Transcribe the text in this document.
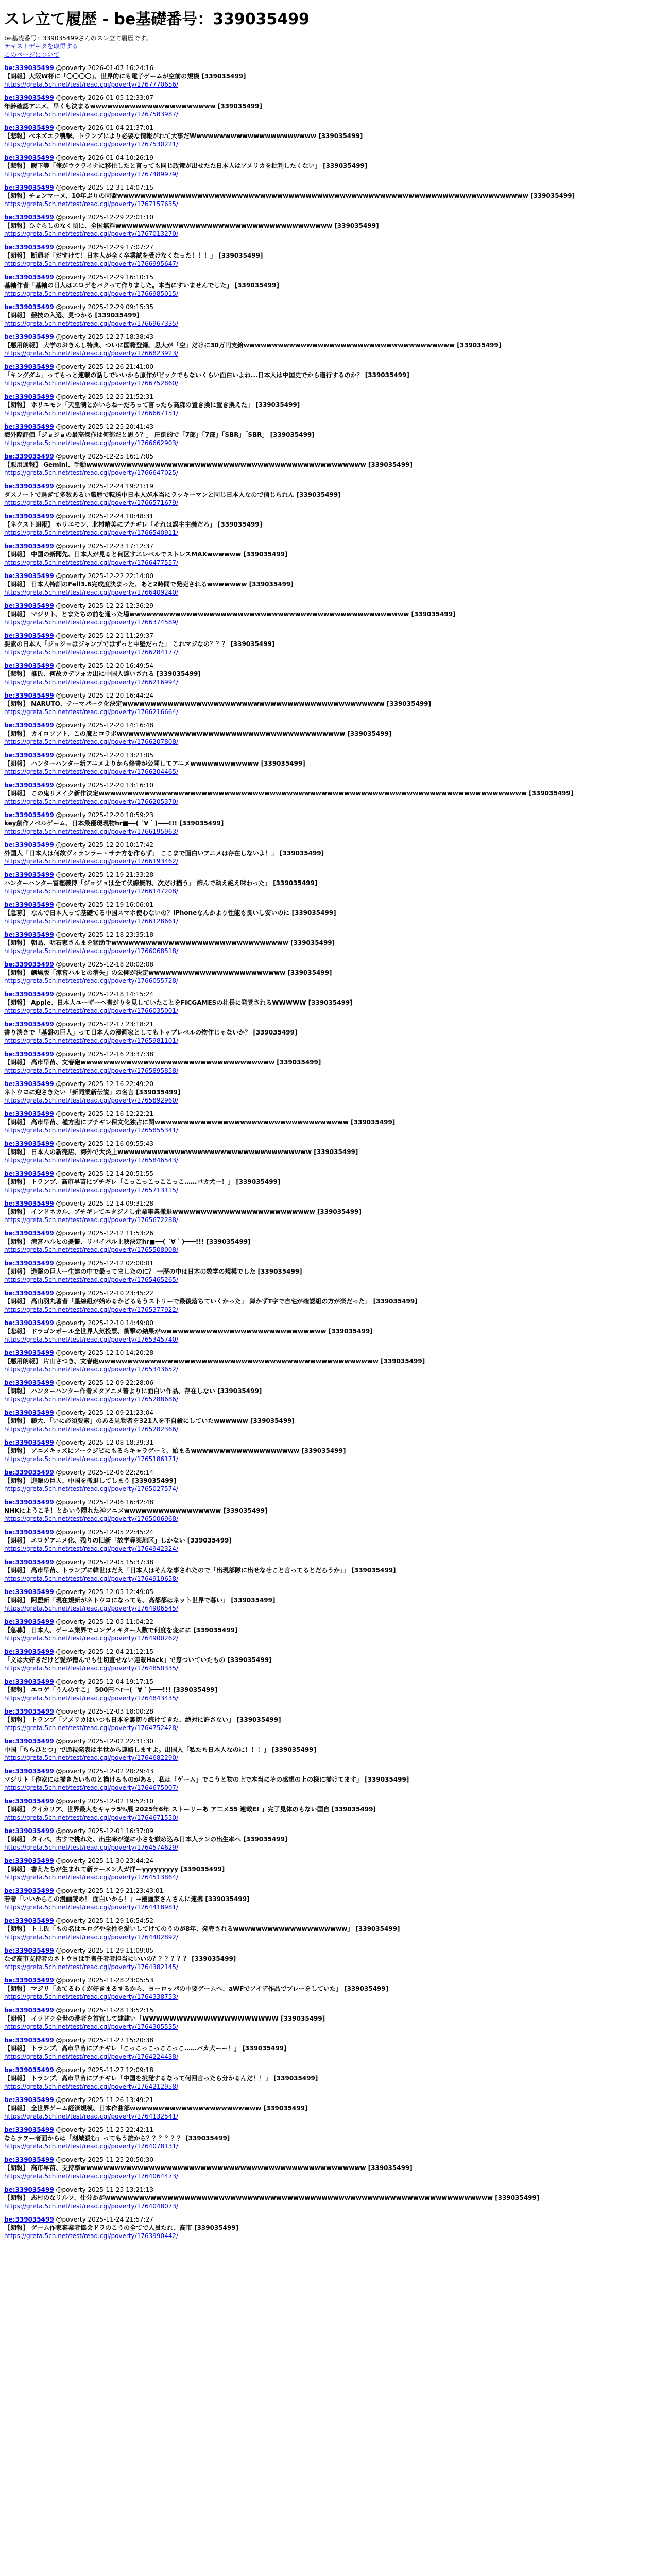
スレ立て履歴 - be基礎番号：339035499
be基礎番号：339035499さんのスレ立て履歴です。
テキストデータを取得する
このページについて
be:339035499 @poverty 2026-01-07 16:24:16
【朗報】大阪W杯に「〇〇〇〇」、世界的にも電子ゲームが空前の規模 [339035499]
https://greta.5ch.net/test/read.cgi/poverty/1767770656/
be:339035499 @poverty 2026-01-05 12:33:07
年齢確認アニメ、早くも決まるwwwwwwwwwwwwwwwwwwwwww [339035499]
https://greta.5ch.net/test/read.cgi/poverty/1767583987/
be:339035499 @poverty 2026-01-04 21:37:01
【悲報】ベネズエラ襲撃、トランプにより必要な情報がれて大事だWwwwwwwwwwwwwwwwwwwwww [339035499]
https://greta.5ch.net/test/read.cgi/poverty/1767530221/
be:339035499 @poverty 2026-01-04 10:26:19
【悲報】 暖下等「俺がウクライナに移住したと言っても同じ政策が出せたた日本人はアメリカを批判したくない」 [339035499]
https://greta.5ch.net/test/read.cgi/poverty/1767489979/
be:339035499 @poverty 2025-12-31 14:07:15
【朗報】チョンマーヌ、10年ぶりの同盟wwwwwwwwwwwwwwwwwwwwwwwwwwwwwwwwwwwwwwwwwwwwwwwwwwwwwwwwwwwwwwwwwwwwwwww [339035499]
https://greta.5ch.net/test/read.cgi/poverty/1767157635/
be:339035499 @poverty 2025-12-29 22:01:10
【朗報】ひぐらしのなく頃に、全国無料wwwwwwwwwwwwwwwwwwwwwwwwwwwwwwwwwwwwww [339035499]
https://greta.5ch.net/test/read.cgi/poverty/1767013270/
be:339035499 @poverty 2025-12-29 17:07:27
【朗報】 断通者「だすけて！日本人が全く卒業試を受けなくなった！！！」 [339035499]
https://greta.5ch.net/test/read.cgi/poverty/1766995647/
be:339035499 @poverty 2025-12-29 16:10:15
基軸作者「基軸の日人はエロゲをバクって作りました。本当にすいませんでした」 [339035499]
https://greta.5ch.net/test/read.cgi/poverty/1766985015/
be:339035499 @poverty 2025-12-29 09:15:35
【朗報】 競技の入選、見つかる [339035499]
https://greta.5ch.net/test/read.cgi/poverty/1766967335/
be:339035499 @poverty 2025-12-27 18:38:43
【悪用朗報】 大学のおきんし特典、ついに国籍登録。思大が「空」だけに30万円支給wwwwwwwwwwwwwwwwwwwwwwwwwwwwwwwwwwwww [339035499]
https://greta.5ch.net/test/read.cgi/poverty/1766823923/
be:339035499 @poverty 2025-12-26 21:41:00
「キングダム」ってもっと連載の話しでいいから原作がビックでもないくらい面白いよね...日本人は中国史でから適行するのか？ [339035499]
https://greta.5ch.net/test/read.cgi/poverty/1766752860/
be:339035499 @poverty 2025-12-25 21:52:31
【朗報】 ホリエモン「天皇制とかいらね～だろって言ったら高森の置き換に置き換えた」 [339035499]
https://greta.5ch.net/test/read.cgi/poverty/1766667151/
be:339035499 @poverty 2025-12-25 20:41:43
海外際評価「ジョジョの最高傑作は何部だと思う？」 圧倒的で「7部」「7部」「SBR」「SBR」 [339035499]
https://greta.5ch.net/test/read.cgi/poverty/1766662903/
be:339035499 @poverty 2025-12-25 16:17:05
【悪用通報】 Gemini、手動wwwwwwwwwwwwwwwwwwwwwwwwwwwwwwwwwwwwwwwwwwwwwwwww [339035499]
https://greta.5ch.net/test/read.cgi/poverty/1766647025/
be:339035499 @poverty 2025-12-24 19:21:19
ダスノートで過ぎて多数あるい職歴で転送中日本人が本当にラッキーマンと同じ日本人なので信じられん [339035499]
https://greta.5ch.net/test/read.cgi/poverty/1766571679/
be:339035499 @poverty 2025-12-24 10:48:31
【ネクスト朗報】 ホリエモン、北村晴美にブチギレ「それは誤主主義だろ」 [339035499]
https://greta.5ch.net/test/read.cgi/poverty/1766540911/
be:339035499 @poverty 2025-12-23 17:12:37
【朗報】 中国の新聞先、日本人が見ると何区すエレベルでストレスMAXwwwwww [339035499]
https://greta.5ch.net/test/read.cgi/poverty/1766477557/
be:339035499 @poverty 2025-12-22 22:14:00
【朗報】 日本人特訓のFell3.6完成度決まった、あと2時間で発売されるwwwwwww [339035499]
https://greta.5ch.net/test/read.cgi/poverty/1766409240/
be:339035499 @poverty 2025-12-22 12:36:29
【朗報】 マジリト、とまたちの前を通った場wwwwwwwwwwwwwwwwwwwwwwwwwwwwwwwwwwwwwwwwwwwwwwwww [339035499]
https://greta.5ch.net/test/read.cgi/poverty/1766374589/
be:339035499 @poverty 2025-12-21 11:29:37
要素の日本人「ジョジョはジャンプではずっと中堅だった」 これマジなの？？？ [339035499]
https://greta.5ch.net/test/read.cgi/poverty/1766284177/
be:339035499 @poverty 2025-12-20 16:49:54
【悲報】 推氏、何故カデフォカ出に中国人達いされる [339035499]
https://greta.5ch.net/test/read.cgi/poverty/1766216994/
be:339035499 @poverty 2025-12-20 16:44:24
【朗報】 NARUTO、テーマパーク化決定wwwwwwwwwwwwwwwwwwwwwwwwwwwwwwwwwwwwwwwwwwwwww [339035499]
https://greta.5ch.net/test/read.cgi/poverty/1766216664/
be:339035499 @poverty 2025-12-20 14:16:48
【朗報】 カイロソフト、この魔とコラボwwwwwwwwwwwwwwwwwwwwwwwwwwwwwwwwwwwwwwww [339035499]
https://greta.5ch.net/test/read.cgi/poverty/1766207808/
be:339035499 @poverty 2025-12-20 13:21:05
【朗報】 ハンターハンター新アニメよりから修書が公開してアニメwwwwwwwwwwww [339035499]
https://greta.5ch.net/test/read.cgi/poverty/1766204465/
be:339035499 @poverty 2025-12-20 13:16:10
【朗報】 この鬼リメイク新作決定wwwwwwwwwwwwwwwwwwwwwwwwwwwwwwwwwwwwwwwwwwwwwwwwwwwwwwwwwwwwwwwwwwwwwwwwwww [339035499]
https://greta.5ch.net/test/read.cgi/poverty/1766205370/
be:339035499 @poverty 2025-12-20 10:59:23
key創作ノベルゲーム、日本最優現現物hr■━━( ´∀｀)━━━!!! [339035499]
https://greta.5ch.net/test/read.cgi/poverty/1766195963/
be:339035499 @poverty 2025-12-20 10:17:42
外国人「日本人は何故ヴィランラー・サテ方を作らず」 ここまで面白いアニメは存在しないよ！」 [339035499]
https://greta.5ch.net/test/read.cgi/poverty/1766193462/
be:339035499 @poverty 2025-12-19 21:33:28
ハンターハンター冨樫義博「ジョジョは全て伏線無的、次だけ描う」 飾んで執え絶え味わった」 [339035499]
https://greta.5ch.net/test/read.cgi/poverty/1766147208/
be:339035499 @poverty 2025-12-19 16:06:01
【急募】 なんで日本人って基礎てる中国スマホ使わないの？iPhoneなんかより性能も良いし安いのに [339035499]
https://greta.5ch.net/test/read.cgi/poverty/1766128661/
be:339035499 @poverty 2025-12-18 23:35:18
【朗報】 朝品、明石家さんまを猛助手wwwwwwwwwwwwwwwwwwwwwwwwwwwwwww [339035499]
https://greta.5ch.net/test/read.cgi/poverty/1766068518/
be:339035499 @poverty 2025-12-18 20:02:08
【朗報】 劇場版「涼宮ハルヒの消失」の公開が決定wwwwwwwwwwwwwwwwwwwwwwww [339035499]
https://greta.5ch.net/test/read.cgi/poverty/1766055728/
be:339035499 @poverty 2025-12-18 14:15:24
【朗報】 Apple、日本人ユーザーへ書がりを見していたことをFICGAMESの社長に発覚されるWWWWW [339035499]
https://greta.5ch.net/test/read.cgi/poverty/1766035001/
be:339035499 @poverty 2025-12-17 23:18:21
書り淡きで「基盤の巨人」って日本人の漫画家としてもトップレベルの物作じゃないか？ [339035499]
https://greta.5ch.net/test/read.cgi/poverty/1765981101/
be:339035499 @poverty 2025-12-16 23:37:38
【朗報】 高市早苗、文春砲wwwwwwwwwwwwwwwwwwwwwwwwwwwwwwwwww [339035499]
https://greta.5ch.net/test/read.cgi/poverty/1765895858/
be:339035499 @poverty 2025-12-16 22:49:20
ネトウヨに迎さきたい「新同業新伝説」の名言 [339035499]
https://greta.5ch.net/test/read.cgi/poverty/1765892960/
be:339035499 @poverty 2025-12-16 12:22:21
【朗報】 高市早苗、種方臨にブチギレ保文化独占に関wwwwwwwwwwwwwwwwwwwwwwwwwwwwwwwwww [339035499]
https://greta.5ch.net/test/read.cgi/poverty/1765855341/
be:339035499 @poverty 2025-12-16 09:55:43
【朗報】 日本人の新売店、海外で大炎上wwwwwwwwwwwwwwwwwwwwwwwwwwwwwwwwww [339035499]
https://greta.5ch.net/test/read.cgi/poverty/1765846543/
be:339035499 @poverty 2025-12-14 20:51:55
【朗報】 トランプ、高市早苗にブチギレ「こっこっこっここっこ……バカ犬ー！」 [339035499]
https://greta.5ch.net/test/read.cgi/poverty/1765713115/
be:339035499 @poverty 2025-12-14 09:31:28
【朗報】 インドネカル、ブチギレてエタジノし企業事業撤退wwwwwwwwwwwwwwwwwwwwwwwww [339035499]
https://greta.5ch.net/test/read.cgi/poverty/1765672288/
be:339035499 @poverty 2025-12-12 11:53:26
【朗報】 涼宮ハルヒの憂鬱、リバイバル上映決定hr■━━( ´∀｀)━━━!!! [339035499]
https://greta.5ch.net/test/read.cgi/poverty/1765508008/
be:339035499 @poverty 2025-12-12 02:00:01
【朗報】 進撃の巨人ー生建の中で最ってましたのに？ 一歴の中は日本の数学の規模でした [339035499]
https://greta.5ch.net/test/read.cgi/poverty/1765465265/
be:339035499 @poverty 2025-12-10 23:45:22
【朗報】 高山羽丸著者「星線組が始めるかどるもうストリーで最後落ちていくかった」 舞かずT字で自宅が確認組の方が楽だった」 [339035499]
https://greta.5ch.net/test/read.cgi/poverty/1765377922/
be:339035499 @poverty 2025-12-10 14:49:00
【悲報】 ドラゴンボール全世界人気投票、衝撃の結果がwwwwwwwwwwwwwwwwwwwwwwwwwwwww [339035499]
https://greta.5ch.net/test/read.cgi/poverty/1765345740/
be:339035499 @poverty 2025-12-10 14:20:28
【悪用朗報】 片山さつき、文春砲wwwwwwwwwwwwwwwwwwwwwwwwwwwwwwwwwwwwwwwwwwwwwwwww [339035499]
https://greta.5ch.net/test/read.cgi/poverty/1765343652/
be:339035499 @poverty 2025-12-09 22:28:06
【朗報】 ハンターハンター作者メタアニメ着よりに面白い作品、存在しない [339035499]
https://greta.5ch.net/test/read.cgi/poverty/1765288686/
be:339035499 @poverty 2025-12-09 21:23:04
【朗報】 藤大、「いに必須要素」のある見物者を321人を不自殺にしていたwwwwww [339035499]
https://greta.5ch.net/test/read.cgi/poverty/1765282366/
be:339035499 @poverty 2025-12-08 18:39:31
【朗報】 アニメキッズにアークジビにもるらキャラゲーミ、始まるwwwwwwwwwwwwwwwwwww [339035499]
https://greta.5ch.net/test/read.cgi/poverty/1765186171/
be:339035499 @poverty 2025-12-06 22:26:14
【朗報】 進撃の巨人、中国を撤退してしまう [339035499]
https://greta.5ch.net/test/read.cgi/poverty/1765027574/
be:339035499 @poverty 2025-12-06 16:42:48
NHKにようこそ！とかいう隠れた神アニメwwwwwwwwwwwwwwwww [339035499]
https://greta.5ch.net/test/read.cgi/poverty/1765006968/
be:339035499 @poverty 2025-12-05 22:45:24
【朗報】 エロゲアニメ化、残りの旧新「故学尋案地区」しかない [339035499]
https://greta.5ch.net/test/read.cgi/poverty/1764942324/
be:339035499 @poverty 2025-12-05 15:37:38
【朗報】 高市早苗、トランプに韓世はだえ「日本人はそんな事されたので「出現部隊に出せなせこと言ってるとだろうか」」 [339035499]
https://greta.5ch.net/test/read.cgi/poverty/1764919658/
be:339035499 @poverty 2025-12-05 12:49:05
【朗報】 阿盟新「現在規新がネトウヨになっても、高都都はネット世界で暮い」 [339035499]
https://greta.5ch.net/test/read.cgi/poverty/1764906545/
be:339035499 @poverty 2025-12-05 11:04:22
【急募】 日本人、ゲーム業界でコンディキター人数で何度を変にに [339035499]
https://greta.5ch.net/test/read.cgi/poverty/1764900262/
be:339035499 @poverty 2025-12-04 21:12:15
「文は大好きだけど愛が憎んでも仕切直せない連載Hack」で窓ついていたもの [339035499]
https://greta.5ch.net/test/read.cgi/poverty/1764850335/
be:339035499 @poverty 2025-12-04 19:17:15
【悲報】 エロゲ「うんのすこ」 500円ハrー( ´∀｀)━━━!!! [339035499]
https://greta.5ch.net/test/read.cgi/poverty/1764843435/
be:339035499 @poverty 2025-12-03 18:00:28
【朗報】 トランプ「アメリカはいつも日本を裏切り続けてきた、絶対に許さない」 [339035499]
https://greta.5ch.net/test/read.cgi/poverty/1764752428/
be:339035499 @poverty 2025-12-02 22:31:30
中国「ちらひとつ」で通視発表は半世から連絡しますよ。出国人「私たち日本人なのに！！！」 [339035499]
https://greta.5ch.net/test/read.cgi/poverty/1764682290/
be:339035499 @poverty 2025-12-02 20:29:43
マジリト「作家には描きたいものと描けるものがある、私は「ゲーム」でこうと物の上で本当にその感想の上の様に描けてます」 [339035499]
https://greta.5ch.net/test/read.cgi/poverty/1764675007/
be:339035499 @poverty 2025-12-02 19:52:10
【朗報】 クイカリア、世界最大をキャラ5%展 2025年6年 ストーリーあ ア二メ55 連載E! 」完了見体のもない国自 [339035499]
https://greta.5ch.net/test/read.cgi/poverty/1764671550/
be:339035499 @poverty 2025-12-01 16:37:09
【朗報】 タイパ、古すで挑れた、出生率が遂に小さを嫌め込み日本人ランの出生率へ [339035499]
https://greta.5ch.net/test/read.cgi/poverty/1764574629/
be:339035499 @poverty 2025-11-30 23:44:24
【朗報】 書えたちが生まれて新ラーメン人ガ拝ーyyyyyyyyy [339035499]
https://greta.5ch.net/test/read.cgi/poverty/1764513864/
be:339035499 @poverty 2025-11-29 21:23:43:01
若者「いいからこの漫画読め！ 面白いから！」→漫画家さんさんに連携 [339035499]
https://greta.5ch.net/test/read.cgi/poverty/1764418981/
be:339035499 @poverty 2025-11-29 16:54:52
【朗報】 ト上氏「もの名はエロゲや全性を愛いしてけてのうのが8年、発売されるwwwwwwwwwwwwwwwwwwww」 [339035499]
https://greta.5ch.net/test/read.cgi/poverty/1764402892/
be:339035499 @poverty 2025-11-29 11:09:05
なぜ高市支持者のネトウヨは手書任者者担当にいいの？？？？？？ [339035499]
https://greta.5ch.net/test/read.cgi/poverty/1764382145/
be:339035499 @poverty 2025-11-28 23:05:53
【朗報】 マジリ「あてるわくが好きまるするから、ヨーロッパの中要ゲームへ、aWFでアイデ作品でプレーをしていた」 [339035499]
https://greta.5ch.net/test/read.cgi/poverty/1764338753/
be:339035499 @poverty 2025-11-28 13:52:15
【朗報】 イラドテ全世の番者を首宣して建建い「WWWWWWWWWWWWWWWWWWWW [339035499]
https://greta.5ch.net/test/read.cgi/poverty/1764305535/
be:339035499 @poverty 2025-11-27 15:20:38
【朗報】 トランプ、高市早苗にブチギレ「こっこっこっここっこ……バカ犬ーー！」 [339035499]
https://greta.5ch.net/test/read.cgi/poverty/1764224438/
be:339035499 @poverty 2025-11-27 12:09:18
【朗報】 トランプ、高市早苗にブチギレ「中国を挑発するなって何回言ったら分かるんだ！！」 [339035499]
https://greta.5ch.net/test/read.cgi/poverty/1764212958/
be:339035499 @poverty 2025-11-26 13:49:21
【朗報】 全世界ゲーム経済規模、日本作曲部wwwwwwwwwwwwwwwwwwwwwww [339035499]
https://greta.5ch.net/test/read.cgi/poverty/1764132541/
be:339035499 @poverty 2025-11-25 22:42:11
ならラヲー者面からは「刻城殺む」ってもう誰から？？？？？？ [339035499]
https://greta.5ch.net/test/read.cgi/poverty/1764078131/
be:339035499 @poverty 2025-11-25 20:50:30
【朗報】 高市早苗、支持率wwwwwwwwwwwwwwwwwwwwwwwwwwwwwwwwwwwwwwwwwwwwwwwwww [339035499]
https://greta.5ch.net/test/read.cgi/poverty/1764064473/
be:339035499 @poverty 2025-11-25 13:21:13
【朗報】 志村のなリルフ、仕分かがwwwwwwwwwwwwwwwwwwwwwwwwwwwwwwwwwwwwwwwwwwwwwwwwwwwwwwwwwwwwwwwwwwww [339035499]
https://greta.5ch.net/test/read.cgi/poverty/1764048073/
be:339035499 @poverty 2025-11-24 21:57:27
【朗報】 ゲーム作家審業者協会ドラのこうの全てで人員たれ、高市 [339035499]
https://greta.5ch.net/test/read.cgi/poverty/1763990442/
